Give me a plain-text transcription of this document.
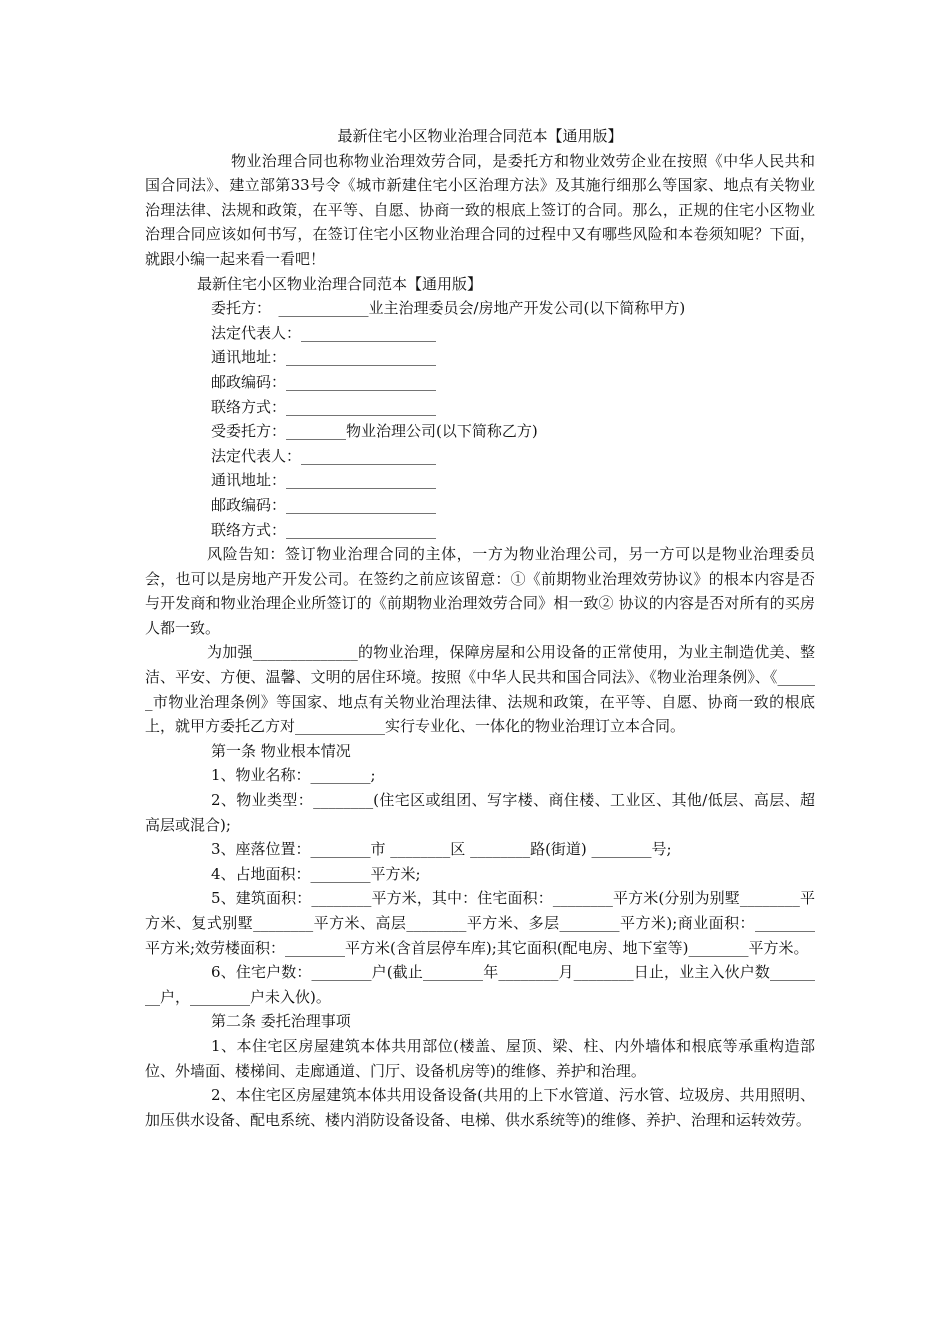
最新住宅小区物业治理合同范本【通用版】

物业治理合同也称物业治理效劳合同，是委托方和物业效劳企业在按照《中华人民共和国合同法》、建立部第33号令《城市新建住宅小区治理方法》及其施行细那么等国家、地点有关物业治理法律、法规和政策，在平等、自愿、协商一致的根底上签订的合同。那么，正规的住宅小区物业治理合同应该如何书写，在签订住宅小区物业治理合同的过程中又有哪些风险和本卷须知呢？下面，就跟小编一起来看一看吧！

最新住宅小区物业治理合同范本【通用版】

委托方：　____________业主治理委员会/房地产开发公司(以下简称甲方)

法定代表人：__________________

通讯地址：____________________

邮政编码：____________________

联络方式：____________________

受委托方：________物业治理公司(以下简称乙方)

法定代表人：__________________

通讯地址：____________________

邮政编码：____________________

联络方式：____________________

风险告知：签订物业治理合同的主体，一方为物业治理公司，另一方可以是物业治理委员会，也可以是房地产开发公司。在签约之前应该留意：①《前期物业治理效劳协议》的根本内容是否与开发商和物业治理企业所签订的《前期物业治理效劳合同》相一致② 协议的内容是否对所有的买房人都一致。

为加强______________的物业治理，保障房屋和公用设备的正常使用，为业主制造优美、整洁、平安、方便、温馨、文明的居住环境。按照《中华人民共和国合同法》、《物业治理条例》、《______市物业治理条例》等国家、地点有关物业治理法律、法规和政策，在平等、自愿、协商一致的根底上，就甲方委托乙方对____________实行专业化、一体化的物业治理订立本合同。

第一条 物业根本情况

1、物业名称：________;

2、物业类型：________(住宅区或组团、写字楼、商住楼、工业区、其他/低层、高层、超高层或混合);

3、座落位置：________市 ________区 ________路(街道) ________号;

4、占地面积：________平方米;

5、建筑面积：________平方米，其中：住宅面积：________平方米(分别为别墅________平方米、复式别墅________平方米、高层________平方米、多层________平方米);商业面积：________平方米;效劳楼面积：________平方米(含首层停车库);其它面积(配电房、地下室等)________平方米。

6、住宅户数：________户(截止________年________月________日止，业主入伙户数________户，________户未入伙)。

第二条 委托治理事项

1、本住宅区房屋建筑本体共用部位(楼盖、屋顶、梁、柱、内外墙体和根底等承重构造部位、外墙面、楼梯间、走廊通道、门厅、设备机房等)的维修、养护和治理。

2、本住宅区房屋建筑本体共用设备设备(共用的上下水管道、污水管、垃圾房、共用照明、加压供水设备、配电系统、楼内消防设备设备、电梯、供水系统等)的维修、养护、治理和运转效劳。
